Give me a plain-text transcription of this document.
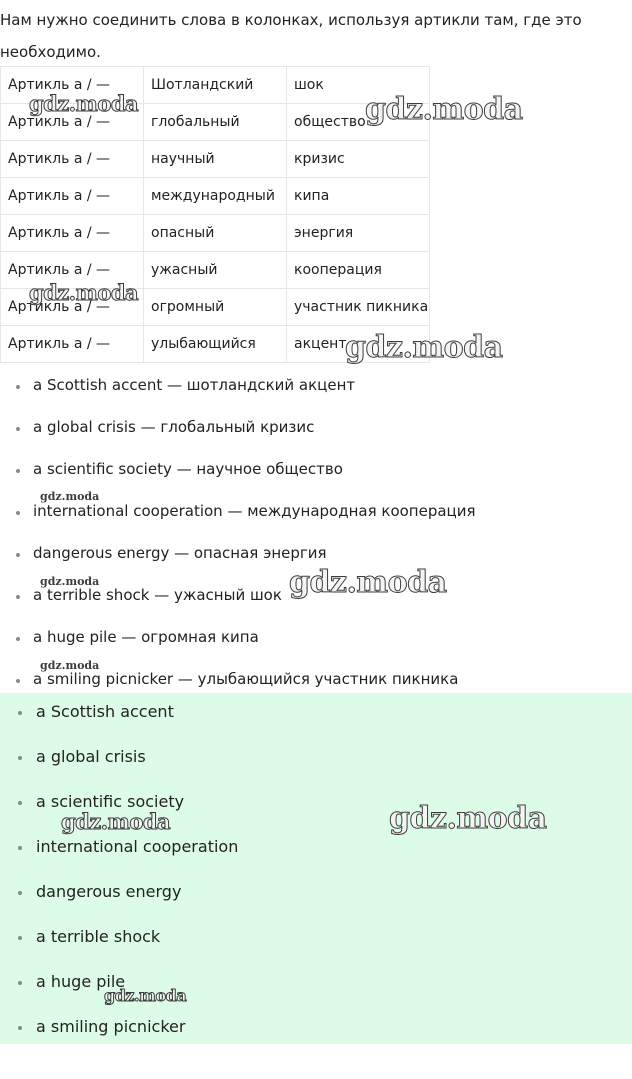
Нам нужно соединить слова в колонках, используя артикли там, где это необходимо.

Артикль a / —	Шотландский	шок
Артикль a / —	глобальный	общество
Артикль a / —	научный	кризис
Артикль a / —	международный	кипа
Артикль a / —	опасный	энергия
Артикль a / —	ужасный	кооперация
Артикль a / —	огромный	участник пикника
Артикль a / —	улыбающийся	акцент
a Scottish accent — шотландский акцент
a global crisis — глобальный кризис
a scientific society — научное общество
international cooperation — международная кооперация
dangerous energy — опасная энергия
a terrible shock — ужасный шок
a huge pile — огромная кипа
a smiling picnicker — улыбающийся участник пикника
a Scottish accent
a global crisis
a scientific society
international cooperation
dangerous energy
a terrible shock
a huge pile
a smiling picnicker
gdz.moda	gdz.moda
gdz.moda
gdz.moda
gdz.moda
gdz.moda	gdz.moda
gdz.moda
gdz.moda	gdz.moda
gdz.moda
